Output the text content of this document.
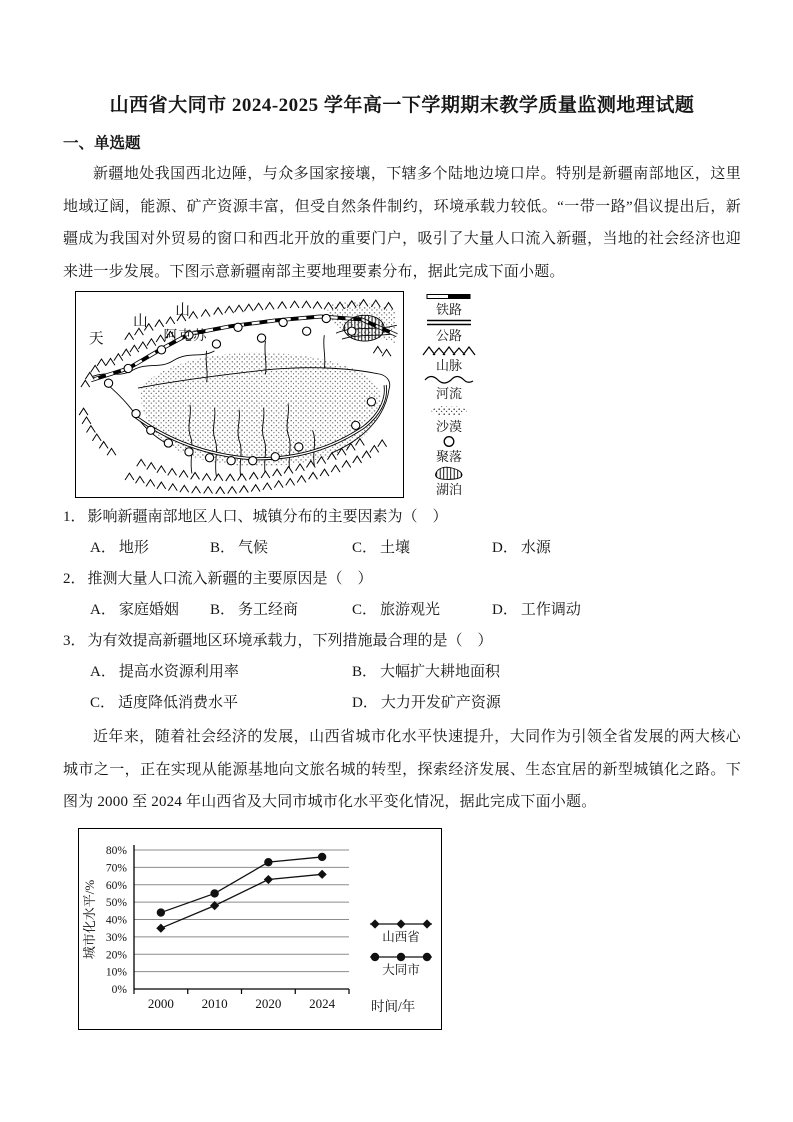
山西省大同市 2024-2025 学年高一下学期期末教学质量监测地理试题
一、单选题
新疆地处我国西北边陲，与众多国家接壤，下辖多个陆地边境口岸。特别是新疆南部地区，这里地域辽阔，能源、矿产资源丰富，但受自然条件制约，环境承载力较低。“一带一路”倡议提出后，新疆成为我国对外贸易的窗口和西北开放的重要门户，吸引了大量人口流入新疆，当地的社会经济也迎来进一步发展。下图示意新疆南部主要地理要素分布，据此完成下面小题。
天
山
山
阿克苏
铁路
公路
山脉
河流
沙漠
聚落
湖泊
1． 影响新疆南部地区人口、城镇分布的主要因素为（　）
A． 地形	B． 气候	C． 土壤	D． 水源
2． 推测大量人口流入新疆的主要原因是（　）
A． 家庭婚姻	B． 务工经商	C． 旅游观光	D． 工作调动
3． 为有效提高新疆地区环境承载力，下列措施最合理的是（　）
A． 提高水资源利用率	B． 大幅扩大耕地面积
C． 适度降低消费水平	D． 大力开发矿产资源
近年来，随着社会经济的发展，山西省城市化水平快速提升，大同作为引领全省发展的两大核心城市之一，正在实现从能源基地向文旅名城的转型，探索经济发展、生态宜居的新型城镇化之路。下图为 2000 至 2024 年山西省及大同市城市化水平变化情况，据此完成下面小题。
0%
10%
20%
30%
40%
50%
60%
70%
80%
2000 2010 2020 2024
山西省
大同市
时间/年
城市化水平/%
